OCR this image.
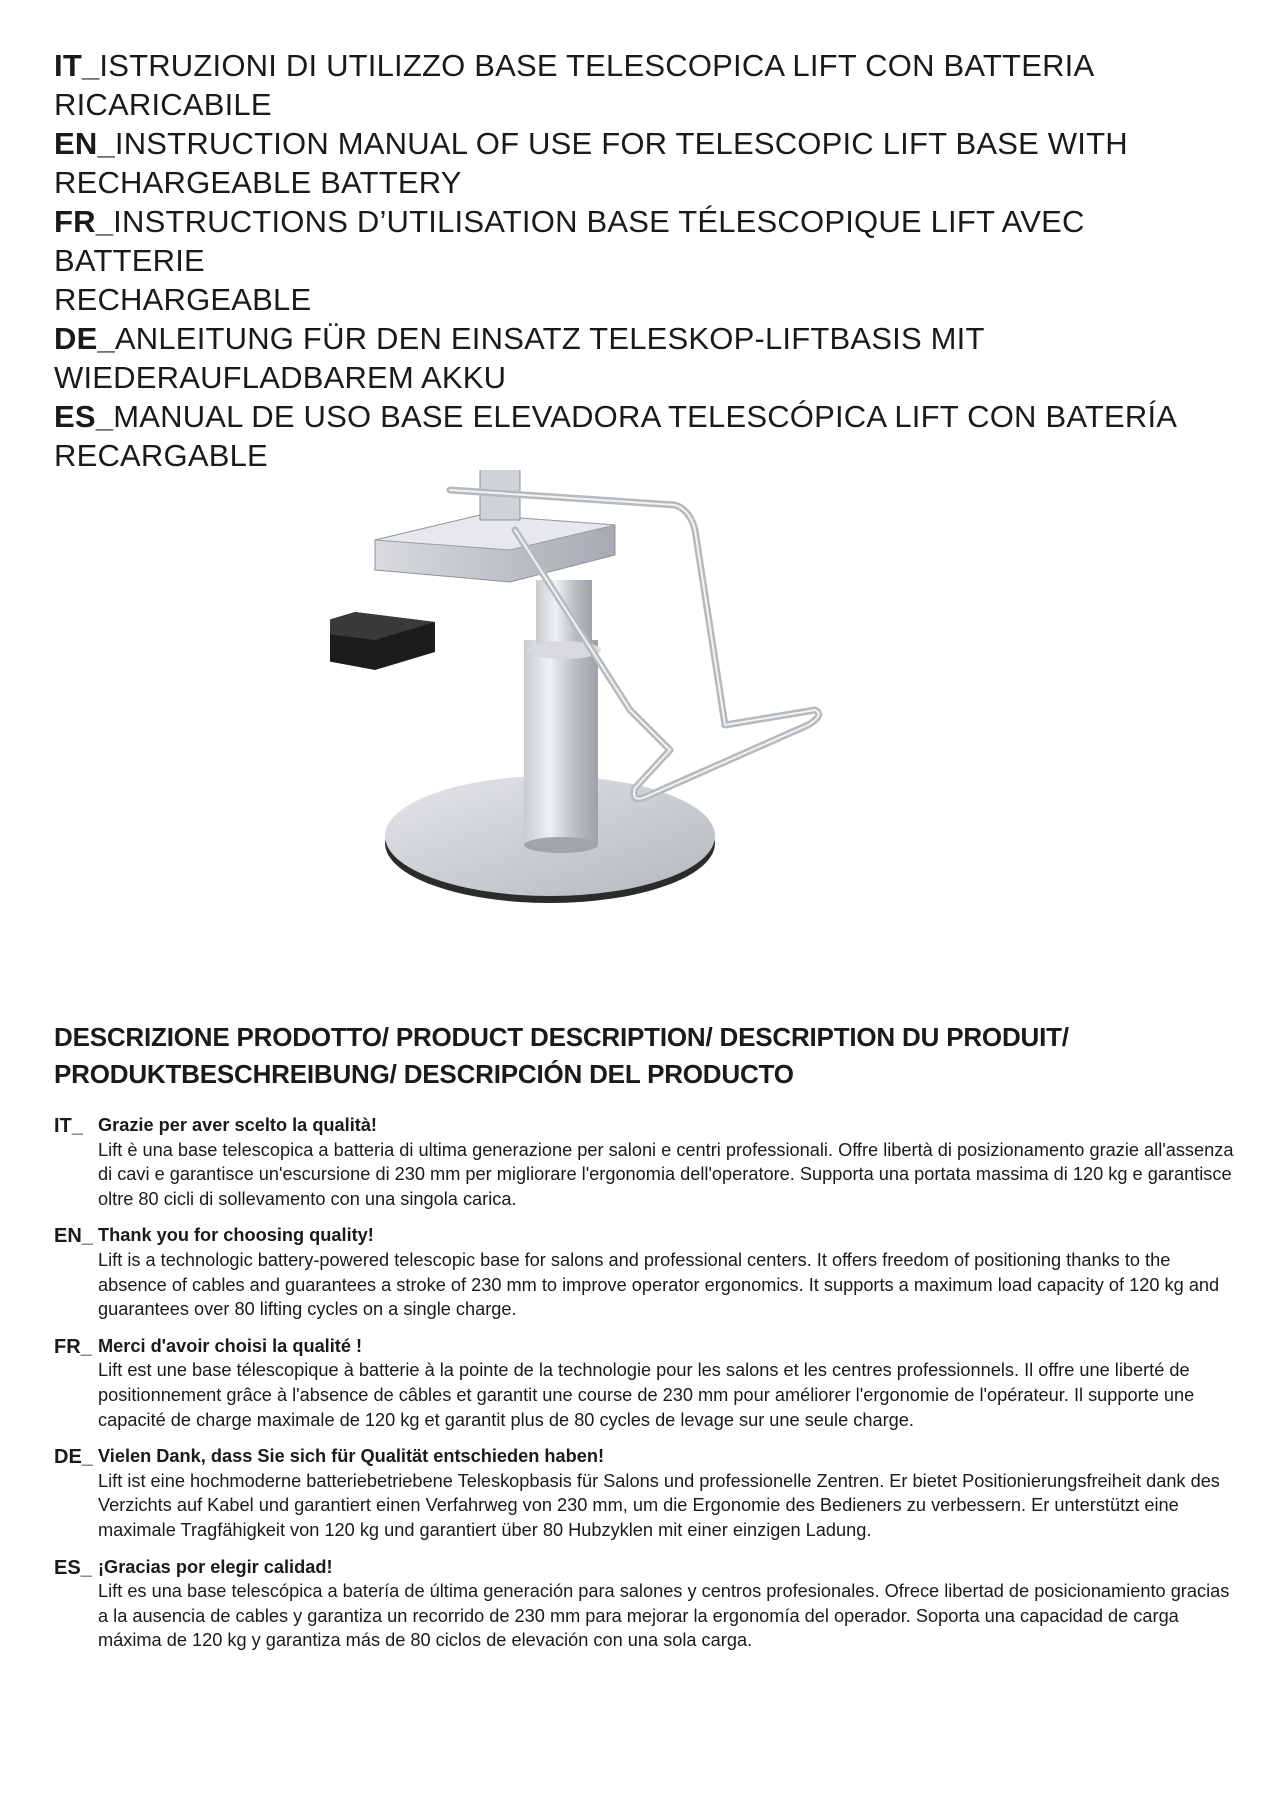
IT_ISTRUZIONI DI UTILIZZO BASE TELESCOPICA LIFT CON BATTERIA
RICARICABILE
EN_INSTRUCTION MANUAL OF USE FOR TELESCOPIC LIFT BASE WITH
RECHARGEABLE BATTERY
FR_INSTRUCTIONS D’UTILISATION BASE TÉLESCOPIQUE LIFT AVEC BATTERIE
RECHARGEABLE
DE_ANLEITUNG FÜR DEN EINSATZ TELESKOP-LIFTBASIS MIT
WIEDERAUFLADBAREM AKKU
ES_MANUAL DE USO BASE ELEVADORA TELESCÓPICA LIFT CON BATERÍA
RECARGABLE
DESCRIZIONE PRODOTTO/ PRODUCT DESCRIPTION/ DESCRIPTION DU PRODUIT/
PRODUKTBESCHREIBUNG/ DESCRIPCIÓN DEL PRODUCTO
IT_ Grazie per aver scelto la qualità!
Lift è una base telescopica a batteria di ultima generazione per saloni e centri professionali. Offre libertà di posizionamento grazie all'assenza di cavi e garantisce un'escursione di 230 mm per migliorare l'ergonomia dell'operatore. Supporta una portata massima di 120 kg e garantisce oltre 80 cicli di sollevamento con una singola carica.
EN_ Thank you for choosing quality!
Lift is a technologic battery-powered telescopic base for salons and professional centers. It offers freedom of positioning thanks to the absence of cables and guarantees a stroke of 230 mm to improve operator ergonomics. It supports a maximum load capacity of 120 kg and guarantees over 80 lifting cycles on a single charge.
FR_ Merci d'avoir choisi la qualité !
Lift est une base télescopique à batterie à la pointe de la technologie pour les salons et les centres professionnels. Il offre une liberté de positionnement grâce à l'absence de câbles et garantit une course de 230 mm pour améliorer l'ergonomie de l'opérateur. Il supporte une capacité de charge maximale de 120 kg et garantit plus de 80 cycles de levage sur une seule charge.
DE_ Vielen Dank, dass Sie sich für Qualität entschieden haben!
Lift ist eine hochmoderne batteriebetriebene Teleskopbasis für Salons und professionelle Zentren. Er bietet Positionierungsfreiheit dank des Verzichts auf Kabel und garantiert einen Verfahrweg von 230 mm, um die Ergonomie des Bedieners zu verbessern. Er unterstützt eine maximale Tragfähigkeit von 120 kg und garantiert über 80 Hubzyklen mit einer einzigen Ladung.
ES_ ¡Gracias por elegir calidad!
Lift es una base telescópica a batería de última generación para salones y centros profesionales. Ofrece libertad de posicionamiento gracias a la ausencia de cables y garantiza un recorrido de 230 mm para mejorar la ergonomía del operador. Soporta una capacidad de carga máxima de 120 kg y garantiza más de 80 ciclos de elevación con una sola carga.
